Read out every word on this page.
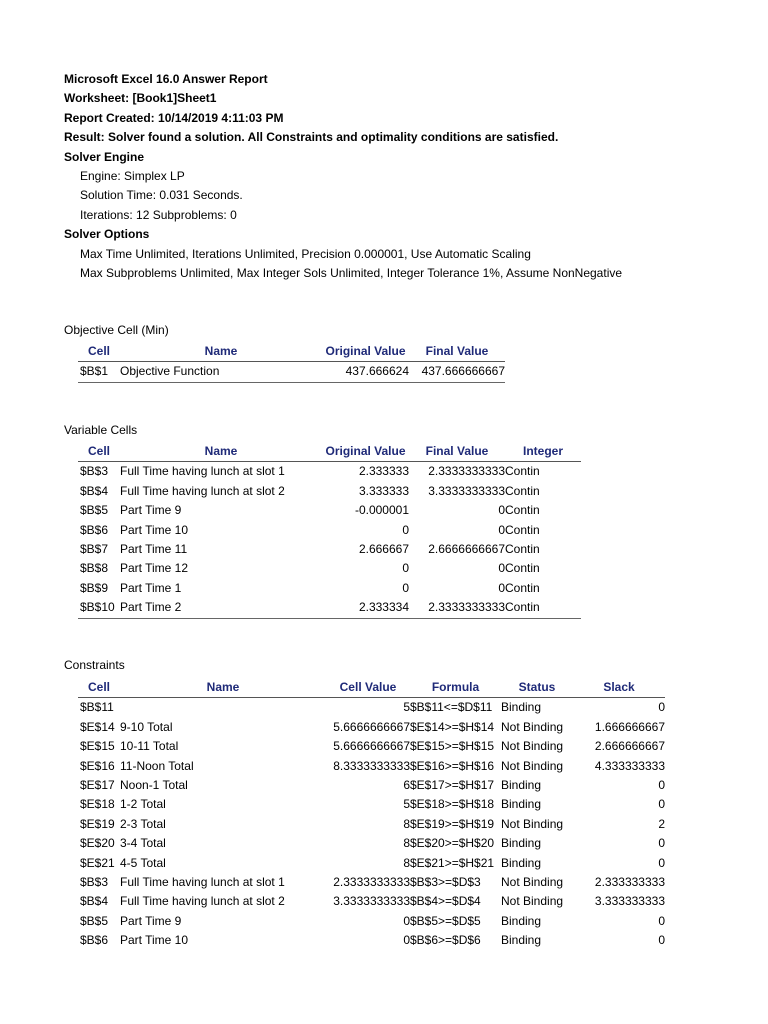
Microsoft Excel 16.0 Answer Report
Worksheet: [Book1]Sheet1
Report Created: 10/14/2019 4:11:03 PM
Result: Solver found a solution. All Constraints and optimality conditions are satisfied.
Solver Engine
Engine: Simplex LP
Solution Time: 0.031 Seconds.
Iterations: 12 Subproblems: 0
Solver Options
Max Time Unlimited, Iterations Unlimited, Precision 0.000001, Use Automatic Scaling
Max Subproblems Unlimited, Max Integer Sols Unlimited, Integer Tolerance 1%, Assume NonNegative
Objective Cell (Min)
Cell	Name	Original Value	Final Value
$B$1	Objective Function	437.666624	437.666666667
Variable Cells
Cell	Name	Original Value	Final Value	Integer
$B$3	Full Time having lunch at slot 1	2.333333	2.3333333333	Contin
$B$4	Full Time having lunch at slot 2	3.333333	3.3333333333	Contin
$B$5	Part Time 9	-0.000001	0	Contin
$B$6	Part Time 10	0	0	Contin
$B$7	Part Time 11	2.666667	2.6666666667	Contin
$B$8	Part Time 12	0	0	Contin
$B$9	Part Time 1	0	0	Contin
$B$10	Part Time 2	2.333334	2.3333333333	Contin
Constraints
Cell	Name	Cell Value	Formula	Status	Slack
$B$11		5	$B$11<=$D$11	Binding	0
$E$14	9-10 Total	5.6666666667	$E$14>=$H$14	Not Binding	1.666666667
$E$15	10-11 Total	5.6666666667	$E$15>=$H$15	Not Binding	2.666666667
$E$16	11-Noon Total	8.3333333333	$E$16>=$H$16	Not Binding	4.333333333
$E$17	Noon-1 Total	6	$E$17>=$H$17	Binding	0
$E$18	1-2 Total	5	$E$18>=$H$18	Binding	0
$E$19	2-3 Total	8	$E$19>=$H$19	Not Binding	2
$E$20	3-4 Total	8	$E$20>=$H$20	Binding	0
$E$21	4-5 Total	8	$E$21>=$H$21	Binding	0
$B$3	Full Time having lunch at slot 1	2.3333333333	$B$3>=$D$3	Not Binding	2.333333333
$B$4	Full Time having lunch at slot 2	3.3333333333	$B$4>=$D$4	Not Binding	3.333333333
$B$5	Part Time 9	0	$B$5>=$D$5	Binding	0
$B$6	Part Time 10	0	$B$6>=$D$6	Binding	0
